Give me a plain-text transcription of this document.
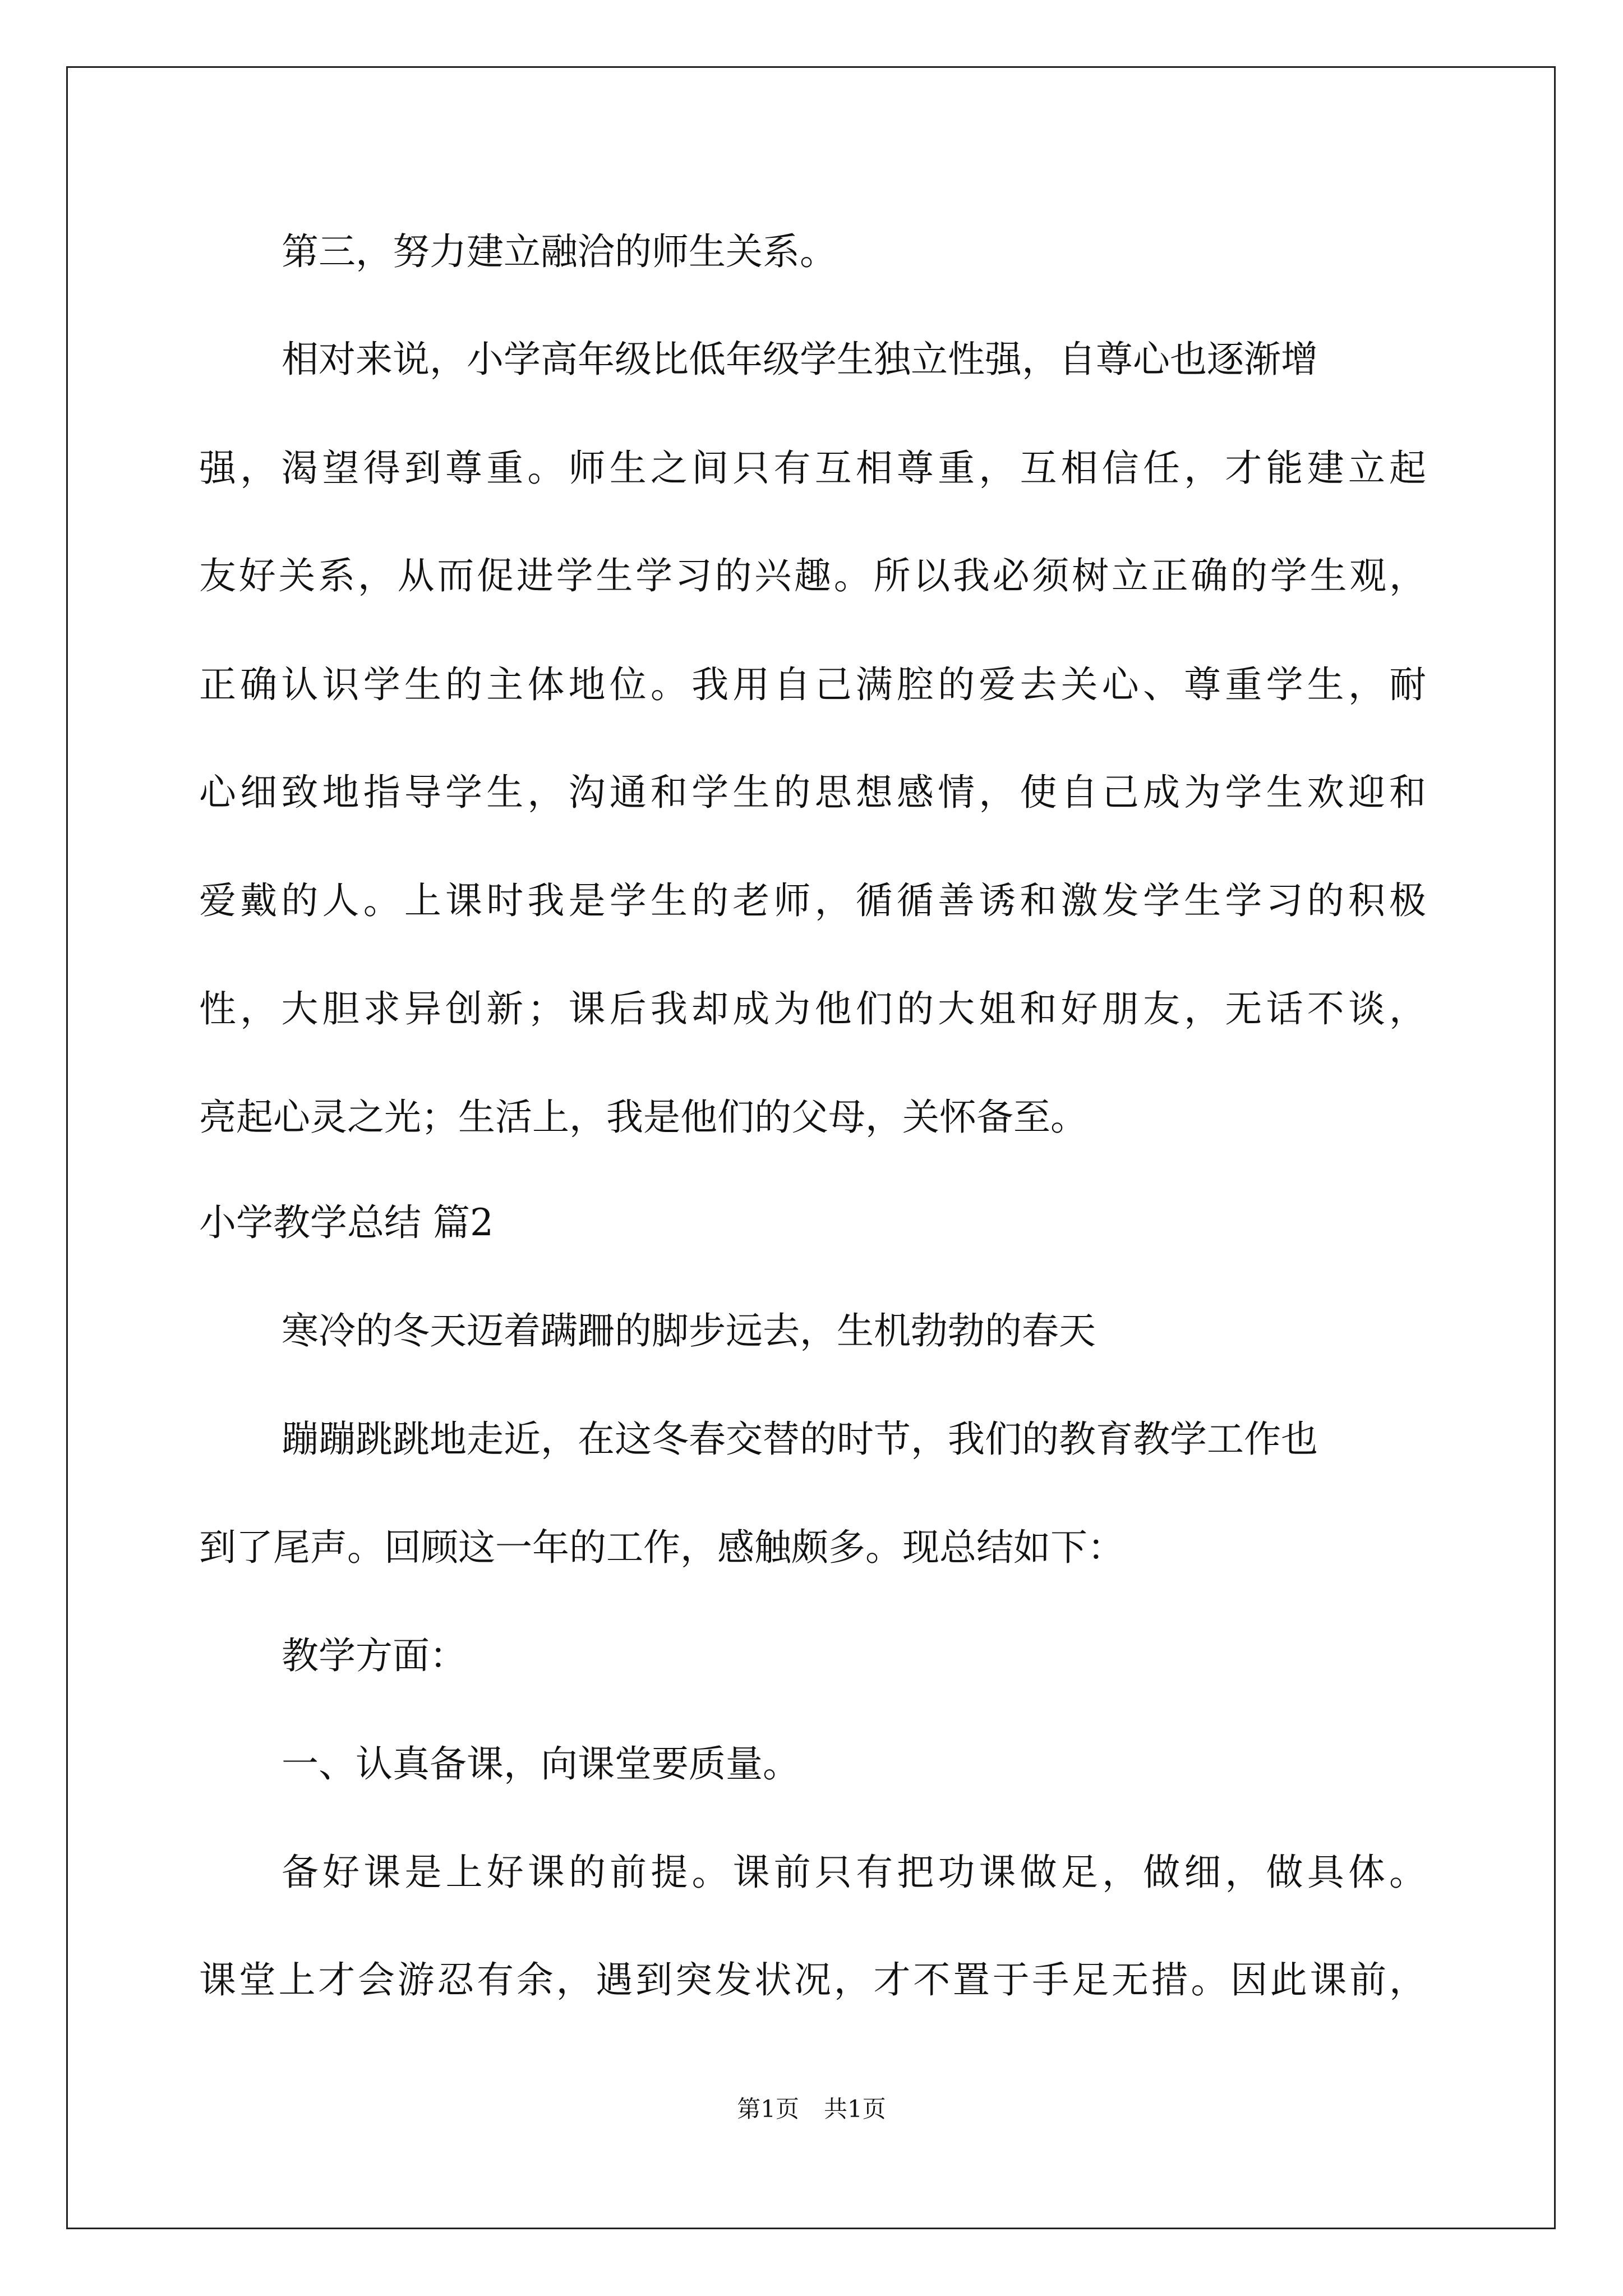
第三，努力建立融洽的师生关系。
相对来说，小学高年级比低年级学生独立性强，自尊心也逐渐增
强，渴望得到尊重。师生之间只有互相尊重，互相信任，才能建立起
友好关系，从而促进学生学习的兴趣。所以我必须树立正确的学生观，
正确认识学生的主体地位。我用自己满腔的爱去关心、尊重学生，耐
心细致地指导学生，沟通和学生的思想感情，使自己成为学生欢迎和
爱戴的人。上课时我是学生的老师，循循善诱和激发学生学习的积极
性，大胆求异创新；课后我却成为他们的大姐和好朋友，无话不谈，
亮起心灵之光；生活上，我是他们的父母，关怀备至。
小学教学总结 篇2
寒冷的冬天迈着蹒跚的脚步远去，生机勃勃的春天
蹦蹦跳跳地走近，在这冬春交替的时节，我们的教育教学工作也
到了尾声。回顾这一年的工作，感触颇多。现总结如下：
教学方面：
一、认真备课，向课堂要质量。
备好课是上好课的前提。课前只有把功课做足，做细，做具体。
课堂上才会游忍有余，遇到突发状况，才不置于手足无措。因此课前，
第1页 共1页
